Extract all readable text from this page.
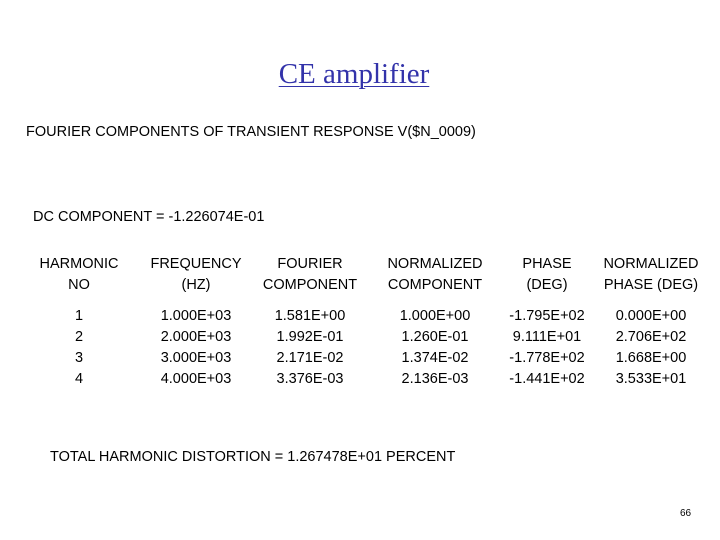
CE amplifier
FOURIER COMPONENTS OF TRANSIENT RESPONSE V($N_0009)
DC COMPONENT = -1.226074E-01
HARMONIC
NO
1
2
3
4
FREQUENCY
(HZ)
1.000E+03
2.000E+03
3.000E+03
4.000E+03
FOURIER
COMPONENT
1.581E+00
1.992E-01
2.171E-02
3.376E-03
NORMALIZED
COMPONENT
1.000E+00
1.260E-01
1.374E-02
2.136E-03
PHASE
(DEG)
-1.795E+02
9.111E+01
-1.778E+02
-1.441E+02
NORMALIZED
PHASE (DEG)
0.000E+00
2.706E+02
1.668E+00
3.533E+01
TOTAL HARMONIC DISTORTION = 1.267478E+01 PERCENT
66
